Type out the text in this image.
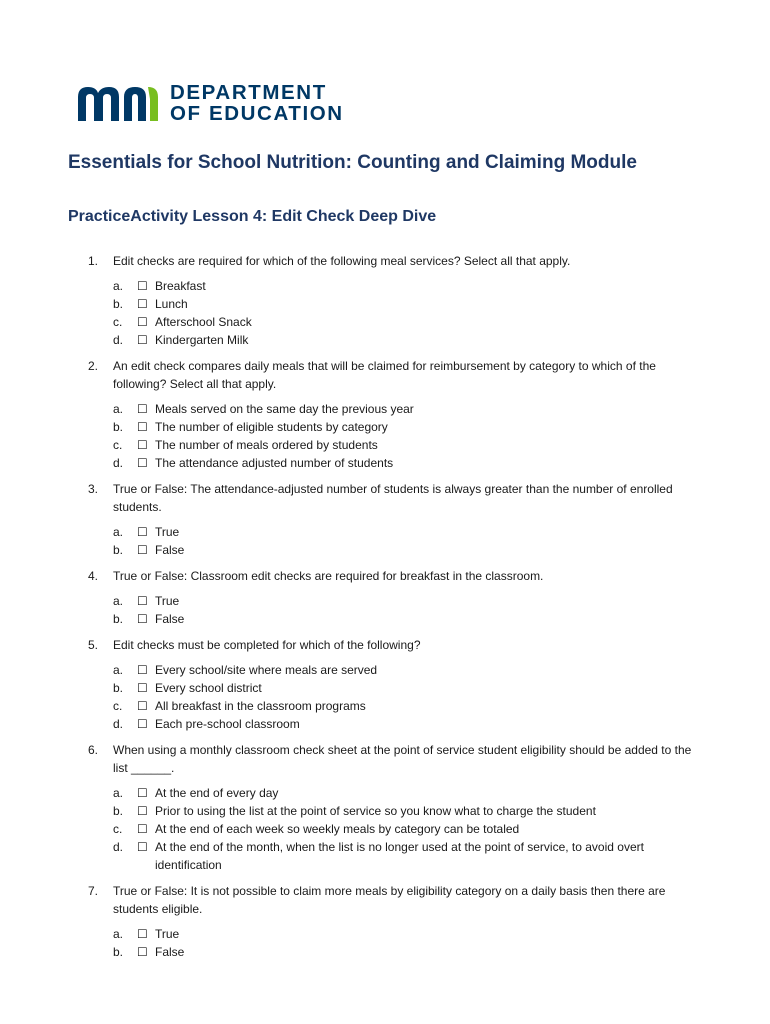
DEPARTMENT
OF EDUCATION
Essentials for School Nutrition: Counting and Claiming Module
PracticeActivity Lesson 4: Edit Check Deep Dive
1.	Edit checks are required for which of the following meal services? Select all that apply.

a.	☐ Breakfast
b.	☐ Lunch
c.	☐ Afterschool Snack
d.	☐ Kindergarten Milk
2.	An edit check compares daily meals that will be claimed for reimbursement by category to which of the following? Select all that apply.

a.	☐ Meals served on the same day the previous year
b.	☐ The number of eligible students by category
c.	☐ The number of meals ordered by students
d.	☐ The attendance adjusted number of students
3.	True or False: The attendance-adjusted number of students is always greater than the number of enrolled students.

a.	☐ True
b.	☐ False
4.	True or False: Classroom edit checks are required for breakfast in the classroom.

a.	☐ True
b.	☐ False
5.	Edit checks must be completed for which of the following?

a.	☐ Every school/site where meals are served
b.	☐ Every school district
c.	☐ All breakfast in the classroom programs
d.	☐ Each pre-school classroom
6.	When using a monthly classroom check sheet at the point of service student eligibility should be added to the list ______.

a.	☐ At the end of every day
b.	☐ Prior to using the list at the point of service so you know what to charge the student
c.	☐ At the end of each week so weekly meals by category can be totaled
d.	☐ At the end of the month, when the list is no longer used at the point of service, to avoid overt identification
7.	True or False: It is not possible to claim more meals by eligibility category on a daily basis then there are students eligible.

a.	☐ True
b.	☐ False
